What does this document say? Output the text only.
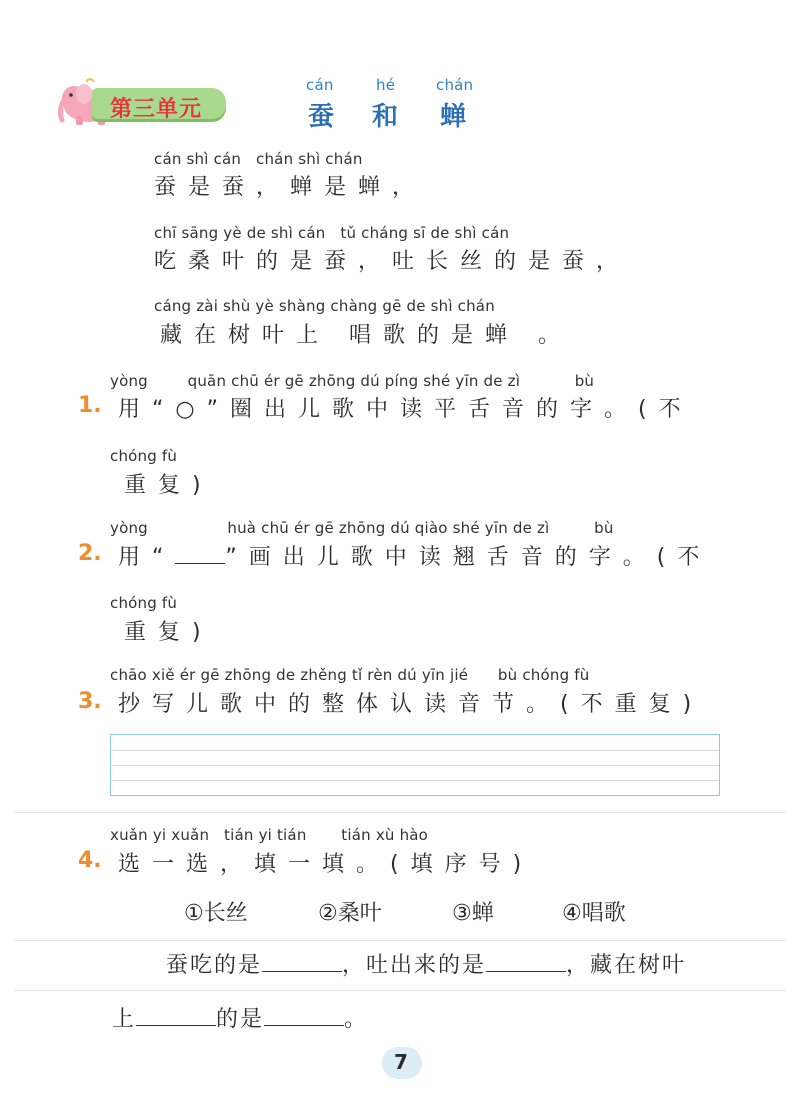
第三单元
cán	hé	chán
蚕 和 蝉
cán shì cán   chán shì chán
蚕是蚕，蝉是蝉，
chī sāng yè de shì cán   tǔ cháng sī de shì cán
吃桑叶的是蚕，吐长丝的是蚕，
cáng zài shù yè shàng chàng gē de shì chán
藏在树叶上 唱歌的是蝉 。
yòng        quān chū ér gē zhōng dú píng shé yīn de zì           bù
1. 用“○”圈出儿歌中读平舌音的字。(不
chóng fù
重复)
yòng                huà chū ér gē zhōng dú qiào shé yīn de zì         bù
2. 用“ ”画出儿歌中读翘舌音的字。(不
chóng fù
重复)
chāo xiě ér gē zhōng de zhěng tǐ rèn dú yīn jié      bù chóng fù
3. 抄写儿歌中的整体认读音节。(不重复)
xuǎn yi xuǎn   tián yi tián       tián xù hào
4. 选一选，填一填。(填序号)
①长丝	②桑叶	③蝉	④唱歌
蚕吃的是	，吐出来的是	，藏在树叶
上	的是	。
7
